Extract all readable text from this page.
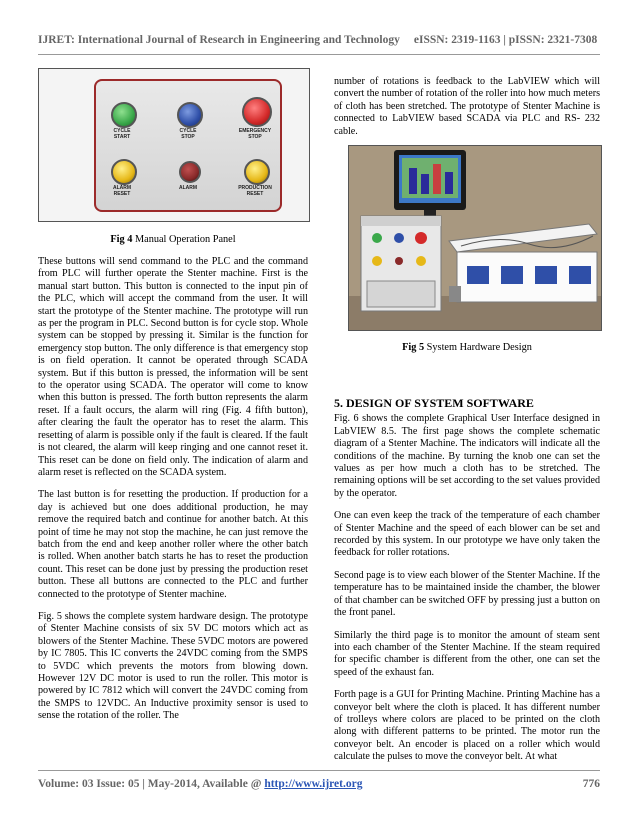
IJRET: International Journal of Research in Engineering and Technology eISSN: 2319-1163 | pISSN: 2321-7308
CYCLE
START
CYCLE
STOP
EMERGENCY
STOP
ALARM
RESET
ALARM	PRODUCTION
RESET
Fig 4 Manual Operation Panel

These buttons will send command to the PLC and the command from PLC will further operate the Stenter machine. First is the manual start button. This button is connected to the input pin of the PLC, which will accept the command from the user. It will start the prototype of the Stenter machine. The prototype will run as per the program in PLC. Second button is for cycle stop. Whole system can be stopped by pressing it. Similar is the function for emergency stop button. The only difference is that emergency stop is on field operation. It cannot be operated through SCADA system. But if this button is pressed, the information will be sent to the operator using SCADA. The operator will come to know when this button is pressed. The forth button represents the alarm reset. If a fault occurs, the alarm will ring (Fig. 4 fifth button), after clearing the fault the operator has to reset the alarm. This resetting of alarm is possible only if the fault is cleared. If the fault is not cleared, the alarm will keep ringing and one cannot reset it. This reset can be done on field only. The indication of alarm and alarm reset is reflected on the SCADA system.

The last button is for resetting the production. If production for a day is achieved but one does additional production, he may remove the required batch and continue for another batch. At this point of time he may not stop the machine, he can just remove the batch from the end and keep another roller where the other batch is rolled. When another batch starts he has to reset the production count. This reset can be done just by pressing the production reset button. These all buttons are connected to the PLC and further connected to the prototype of Stenter machine.

Fig. 5 shows the complete system hardware design. The prototype of Stenter Machine consists of six 5V DC motors which act as blowers of the Stenter Machine. These 5VDC motors are powered by IC 7805. This IC converts the 24VDC coming from the SMPS to 5VDC which prevents the motors from blowing down. However 12V DC motor is used to run the roller. This motor is powered by IC 7812 which will convert the 24VDC coming from the SMPS to 12VDC. An Inductive proximity sensor is used to sense the rotation of the roller. The

number of rotations is feedback to the LabVIEW which will convert the number of rotation of the roller into how much meters of cloth has been stretched. The prototype of Stenter Machine is connected to LabVIEW based SCADA via PLC and RS- 232 cable.

Fig 5 System Hardware Design
5. DESIGN OF SYSTEM SOFTWARE

Fig. 6 shows the complete Graphical User Interface designed in LabVIEW 8.5. The first page shows the complete schematic diagram of a Stenter Machine. The indicators will indicate all the conditions of the machine. By turning the knob one can set the values as per how much a cloth has to be stretched. The remaining options will be set according to the set values provided by the operator.

One can even keep the track of the temperature of each chamber of Stenter Machine and the speed of each blower can be set and recorded by this system. In our prototype we have only taken the feedback for roller rotations.

Second page is to view each blower of the Stenter Machine. If the temperature has to be maintained inside the chamber, the blower of that chamber can be switched OFF by pressing just a button on the front panel.

Similarly the third page is to monitor the amount of steam sent into each chamber of the Stenter Machine. If the steam required for specific chamber is different from the other, one can set the speed of the exhaust fan.

Forth page is a GUI for Printing Machine. Printing Machine has a conveyor belt where the cloth is placed. It has different number of trolleys where colors are placed to be printed on the cloth along with different patterns to be printed. The motor run the conveyor belt. An encoder is placed on a roller which would calculate the pulses to move the conveyor belt. At what

Volume: 03 Issue: 05 | May-2014, Available @ http://www.ijret.org	776
